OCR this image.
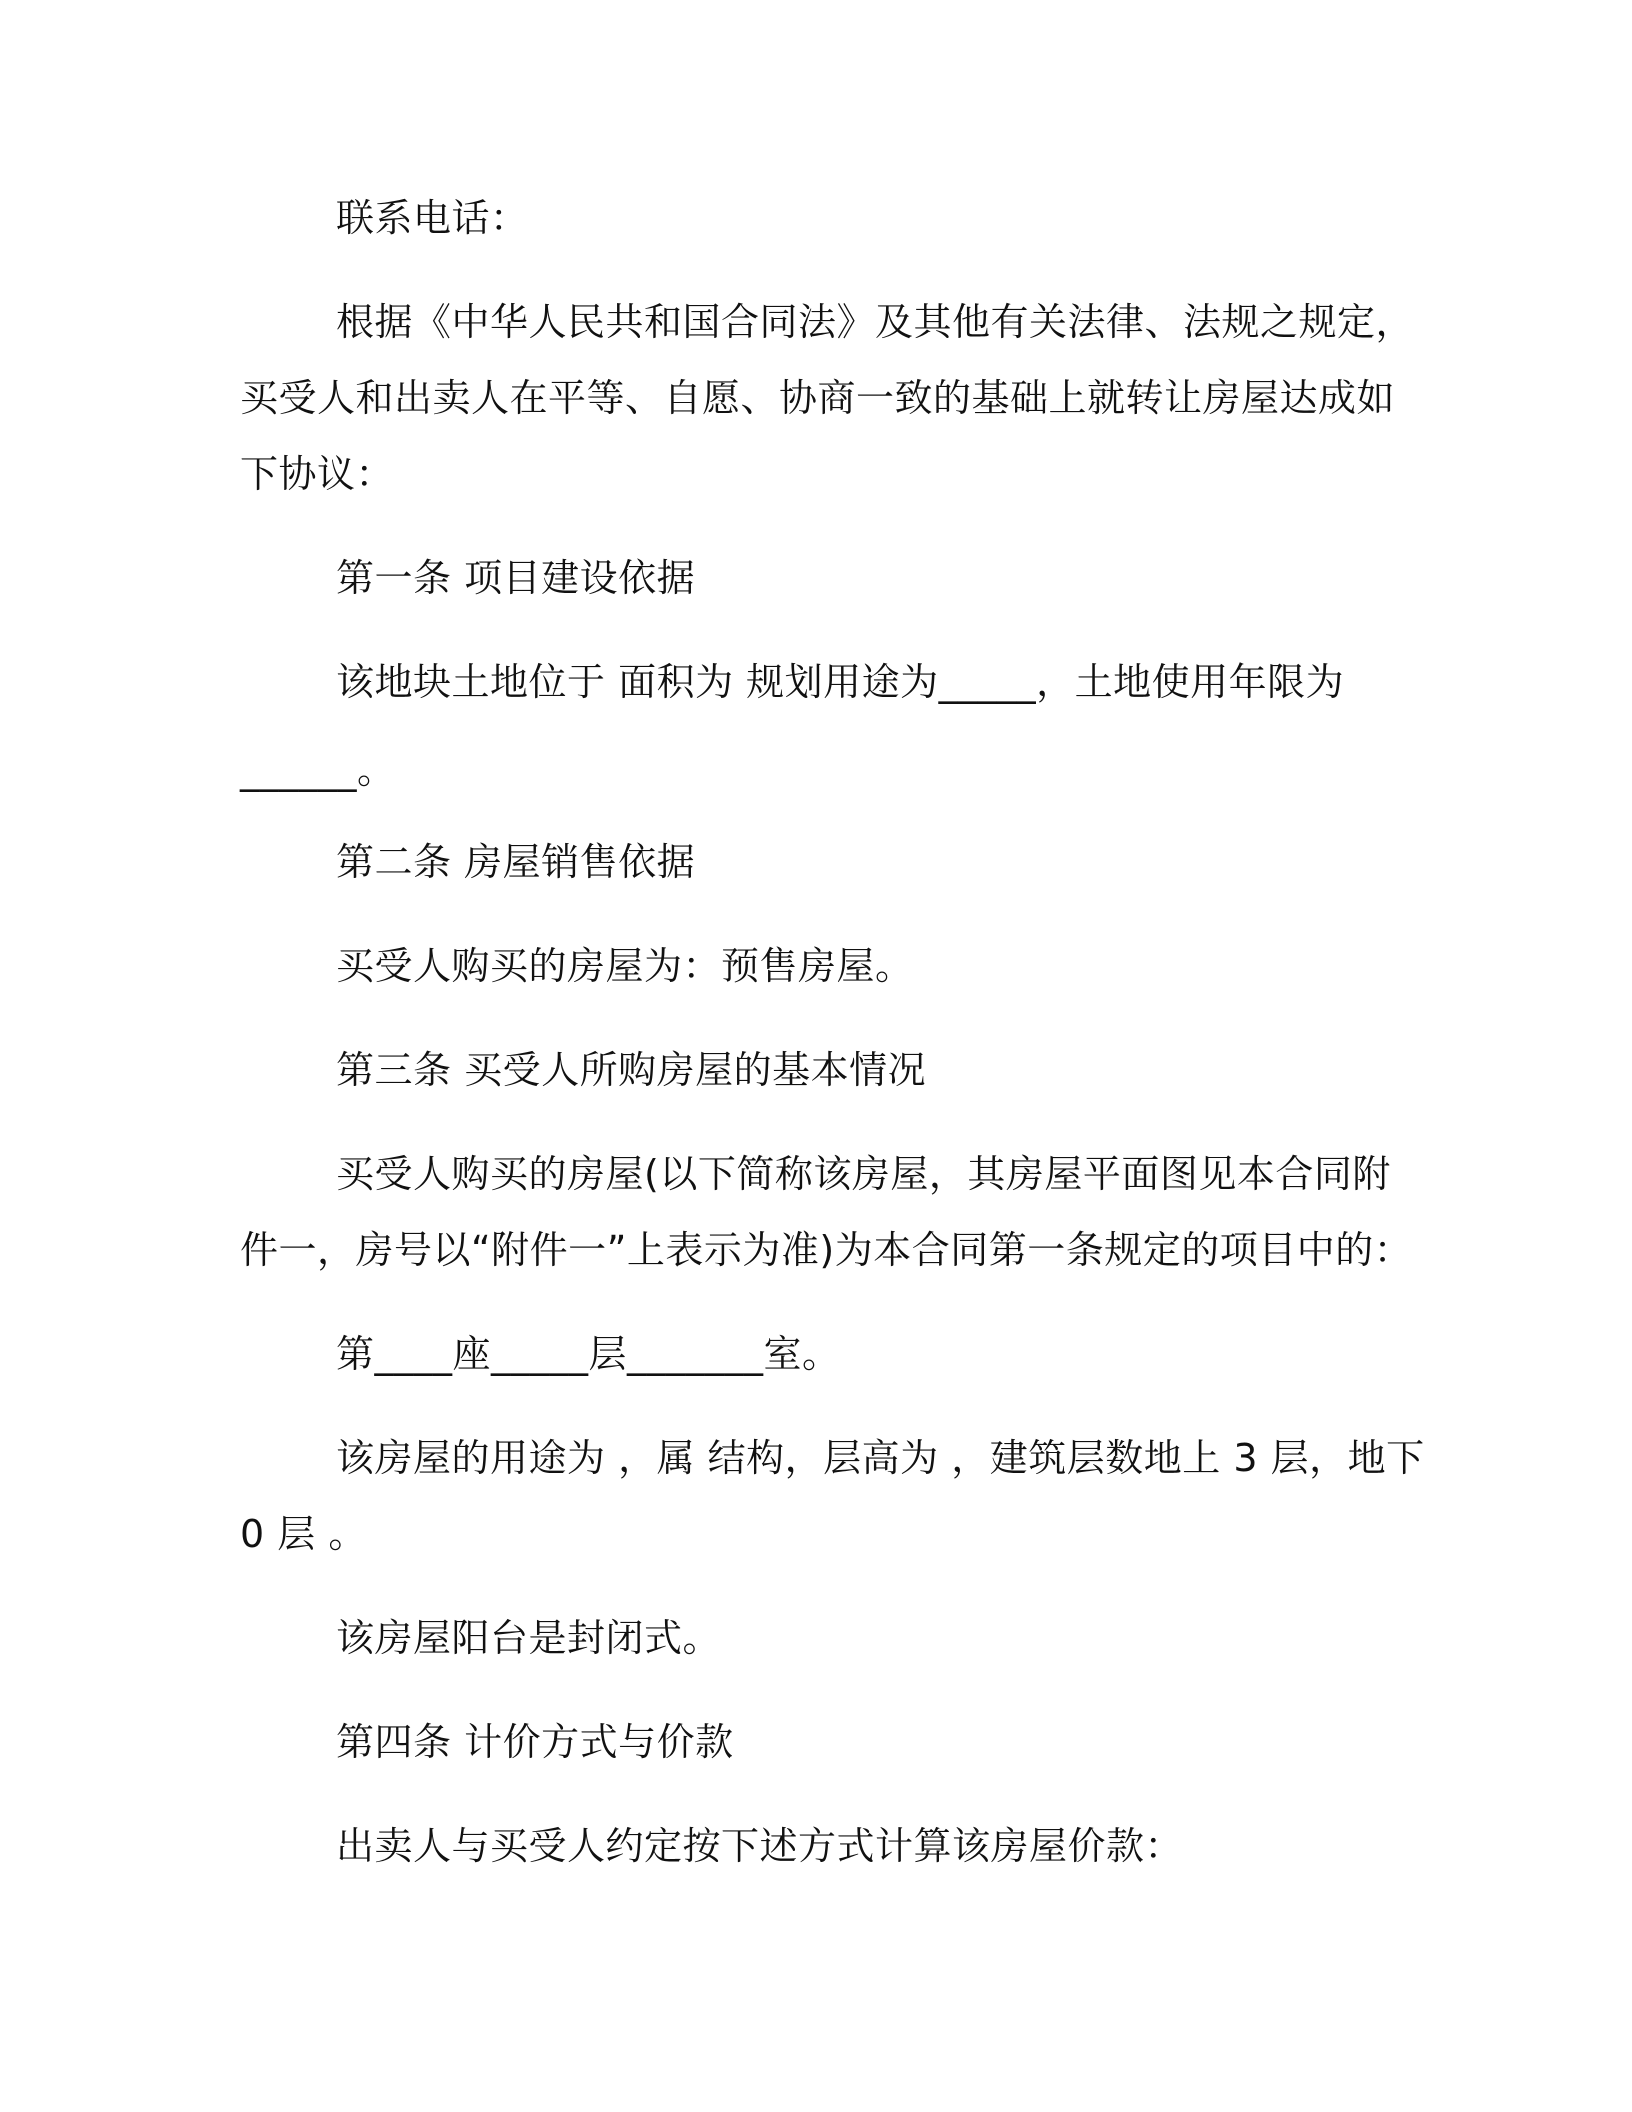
联系电话：
根据《中华人民共和国合同法》及其他有关法律、法规之规定，
买受人和出卖人在平等、自愿、协商一致的基础上就转让房屋达成如
下协议：
第一条 项目建设依据
该地块土地位于 面积为 规划用途为_____，土地使用年限为
______。
第二条 房屋销售依据
买受人购买的房屋为：预售房屋。
第三条 买受人所购房屋的基本情况
买受人购买的房屋(以下简称该房屋，其房屋平面图见本合同附
件一，房号以“附件一”上表示为准)为本合同第一条规定的项目中的：
第____座_____层_______室。
该房屋的用途为 ，属 结构，层高为 ，建筑层数地上 3 层，地下
0 层 。
该房屋阳台是封闭式。
第四条 计价方式与价款
出卖人与买受人约定按下述方式计算该房屋价款：
